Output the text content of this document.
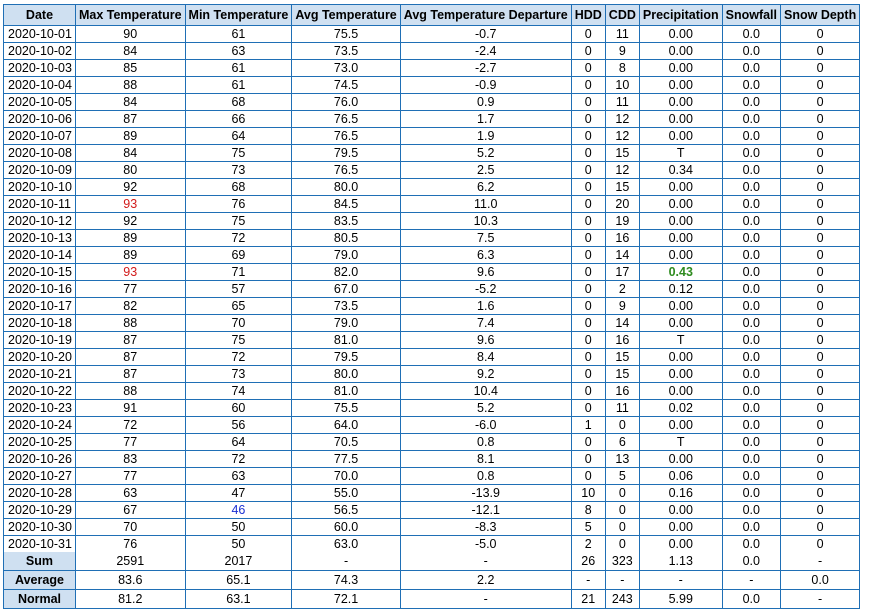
Date	Max Temperature	Min Temperature	Avg Temperature	Avg Temperature Departure	HDD	CDD	Precipitation	Snowfall	Snow Depth
2020-10-01	90	61	75.5	-0.7	0	11	0.00	0.0	0
2020-10-02	84	63	73.5	-2.4	0	9	0.00	0.0	0
2020-10-03	85	61	73.0	-2.7	0	8	0.00	0.0	0
2020-10-04	88	61	74.5	-0.9	0	10	0.00	0.0	0
2020-10-05	84	68	76.0	0.9	0	11	0.00	0.0	0
2020-10-06	87	66	76.5	1.7	0	12	0.00	0.0	0
2020-10-07	89	64	76.5	1.9	0	12	0.00	0.0	0
2020-10-08	84	75	79.5	5.2	0	15	T	0.0	0
2020-10-09	80	73	76.5	2.5	0	12	0.34	0.0	0
2020-10-10	92	68	80.0	6.2	0	15	0.00	0.0	0
2020-10-11	93	76	84.5	11.0	0	20	0.00	0.0	0
2020-10-12	92	75	83.5	10.3	0	19	0.00	0.0	0
2020-10-13	89	72	80.5	7.5	0	16	0.00	0.0	0
2020-10-14	89	69	79.0	6.3	0	14	0.00	0.0	0
2020-10-15	93	71	82.0	9.6	0	17	0.43	0.0	0
2020-10-16	77	57	67.0	-5.2	0	2	0.12	0.0	0
2020-10-17	82	65	73.5	1.6	0	9	0.00	0.0	0
2020-10-18	88	70	79.0	7.4	0	14	0.00	0.0	0
2020-10-19	87	75	81.0	9.6	0	16	T	0.0	0
2020-10-20	87	72	79.5	8.4	0	15	0.00	0.0	0
2020-10-21	87	73	80.0	9.2	0	15	0.00	0.0	0
2020-10-22	88	74	81.0	10.4	0	16	0.00	0.0	0
2020-10-23	91	60	75.5	5.2	0	11	0.02	0.0	0
2020-10-24	72	56	64.0	-6.0	1	0	0.00	0.0	0
2020-10-25	77	64	70.5	0.8	0	6	T	0.0	0
2020-10-26	83	72	77.5	8.1	0	13	0.00	0.0	0
2020-10-27	77	63	70.0	0.8	0	5	0.06	0.0	0
2020-10-28	63	47	55.0	-13.9	10	0	0.16	0.0	0
2020-10-29	67	46	56.5	-12.1	8	0	0.00	0.0	0
2020-10-30	70	50	60.0	-8.3	5	0	0.00	0.0	0
2020-10-31	76	50	63.0	-5.0	2	0	0.00	0.0	0
Sum	2591	2017	-	-	26	323	1.13	0.0	-
Average	83.6	65.1	74.3	2.2	-	-	-	-	0.0
Normal	81.2	63.1	72.1	-	21	243	5.99	0.0	-
